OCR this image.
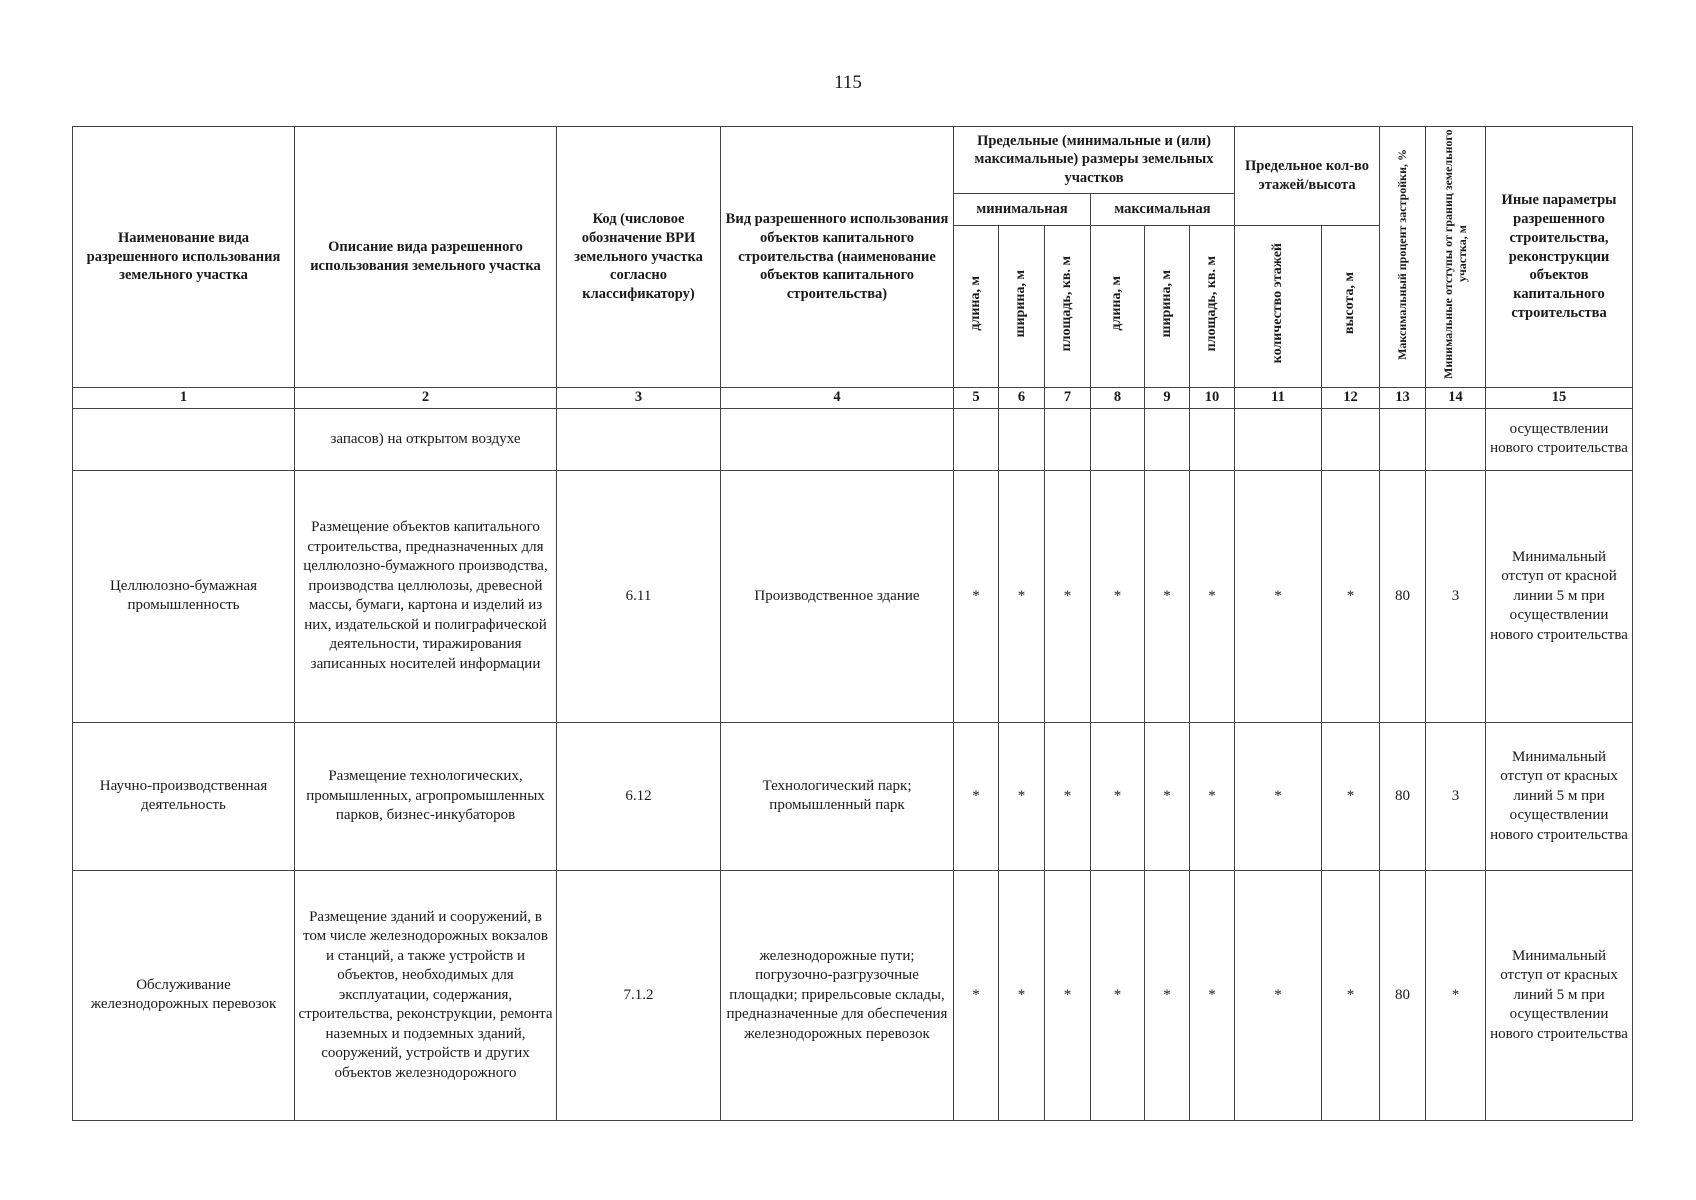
115
Наименование вида разрешенного использования земельного участка	Описание вида разрешенного использования земельного участка	Код (числовое обозначение ВРИ земельного участка согласно классификатору)	Вид разрешенного использования объектов капитального строительства (наименование объектов капитального строительства)	Предельные (минимальные и (или) максимальные) размеры земельных участков						Предельное кол-во этажей/высота		Максимальный процент застройки, %	Минимальные отступы от границ земельного участка, м	Иные параметры разрешенного строительства, реконструкции объектов капитального строительства
				минимальная			максимальная							
				длина, м	ширина, м	площадь, кв. м	длина, м	ширина, м	площадь, кв. м	количество этажей	высота, м			
1	2	3	4	5	6	7	8	9	10	11	12	13	14	15
	запасов) на открытом воздухе													осуществлении нового строительства
Целлюлозно-бумажная промышленность	Размещение объектов капитального строительства, предназначенных для целлюлозно-бумажного производства, производства целлюлозы, древесной массы, бумаги, картона и изделий из них, издательской и полиграфической деятельности, тиражирования записанных носителей информации	6.11	Производственное здание	*	*	*	*	*	*	*	*	80	3	Минимальный отступ от красной линии 5 м при осуществлении нового строительства
Научно-производственная деятельность	Размещение технологических, промышленных, агропромышленных парков, бизнес-инкубаторов	6.12	Технологический парк; промышленный парк	*	*	*	*	*	*	*	*	80	3	Минимальный отступ от красных линий 5 м при осуществлении нового строительства
Обслуживание железнодорожных перевозок	Размещение зданий и сооружений, в том числе железнодорожных вокзалов и станций, а также устройств и объектов, необходимых для эксплуатации, содержания, строительства, реконструкции, ремонта наземных и подземных зданий, сооружений, устройств и других объектов железнодорожного	7.1.2	железнодорожные пути; погрузочно-разгрузочные площадки; прирельсовые склады, предназначенные для обеспечения железнодорожных перевозок	*	*	*	*	*	*	*	*	80	*	Минимальный отступ от красных линий 5 м при осуществлении нового строительства
